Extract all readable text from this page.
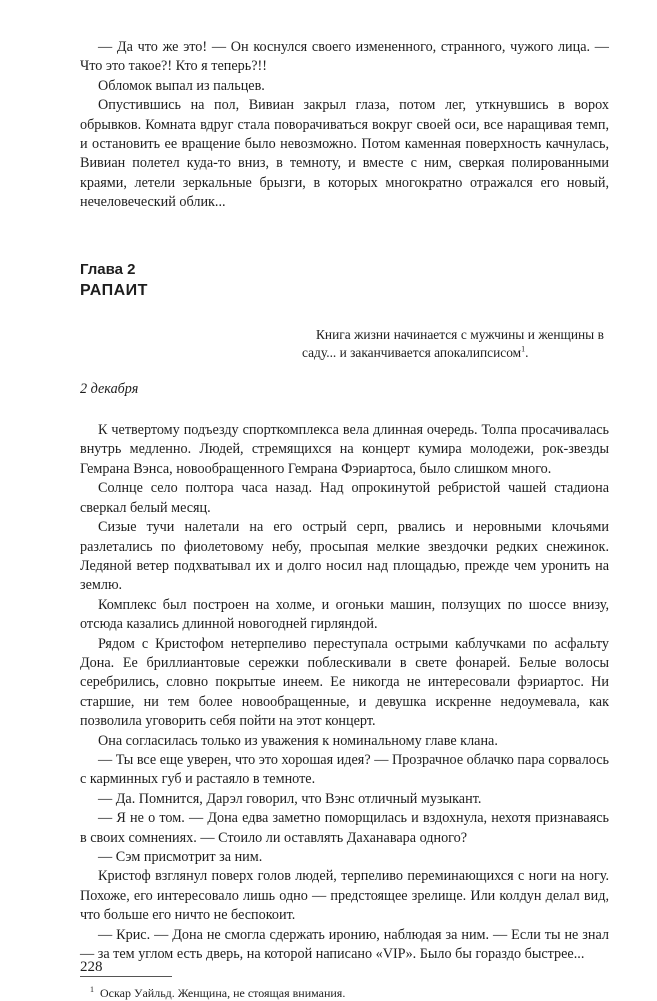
— Да что же это! — Он коснулся своего измененного, странного, чужого лица. — Что это такое?! Кто я теперь?!!

Обломок выпал из пальцев.

Опустившись на пол, Вивиан закрыл глаза, потом лег, уткнувшись в ворох обрывков. Комната вдруг стала поворачиваться вокруг своей оси, все наращивая темп, и остановить ее вращение было невозможно. Потом каменная поверхность качнулась, Вивиан полетел куда-то вниз, в темноту, и вместе с ним, сверкая полированными краями, летели зеркальные брызги, в которых многократно отражался его новый, нечеловеческий облик...

Глава 2

РАПАИТ

Книга жизни начинается с мужчины и женщины в саду... и заканчивается апокалипсисом$^1$.

2 декабря

К четвертому подъезду спорткомплекса вела длинная очередь. Толпа просачивалась внутрь медленно. Людей, стремящихся на концерт кумира молодежи, рок-звезды Гемрана Вэнса, новообращенного Гемрана Фэриартоса, было слишком много.

Солнце село полтора часа назад. Над опрокинутой ребристой чашей стадиона сверкал белый месяц.

Сизые тучи налетали на его острый серп, рвались и неровными клочьями разлетались по фиолетовому небу, просыпая мелкие звездочки редких снежинок. Ледяной ветер подхватывал их и долго носил над площадью, прежде чем уронить на землю.

Комплекс был построен на холме, и огоньки машин, ползущих по шоссе внизу, отсюда казались длинной новогодней гирляндой.

Рядом с Кристофом нетерпеливо переступала острыми каблучками по асфальту Дона. Ее бриллиантовые сережки поблескивали в свете фонарей. Белые волосы серебрились, словно покрытые инеем. Ее никогда не интересовали фэриартос. Ни старшие, ни тем более новообращенные, и девушка искренне недоумевала, как позволила уговорить себя пойти на этот концерт.

Она согласилась только из уважения к номинальному главе клана.

— Ты все еще уверен, что это хорошая идея? — Прозрачное облачко пара сорвалось с карминных губ и растаяло в темноте.

— Да. Помнится, Дарэл говорил, что Вэнс отличный музыкант.

— Я не о том. — Дона едва заметно поморщилась и вздохнула, нехотя признаваясь в своих сомнениях. — Стоило ли оставлять Даханавара одного?

— Сэм присмотрит за ним.

Кристоф взглянул поверх голов людей, терпеливо переминающихся с ноги на ногу. Похоже, его интересовало лишь одно — предстоящее зрелище. Или колдун делал вид, что больше его ничто не беспокоит.

— Крис. — Дона не смогла сдержать иронию, наблюдая за ним. — Если ты не знал — за тем углом есть дверь, на которой написано «VIP». Было бы гораздо быстрее...

$^1$ Оскар Уайльд. Женщина, не стоящая внимания.

228
